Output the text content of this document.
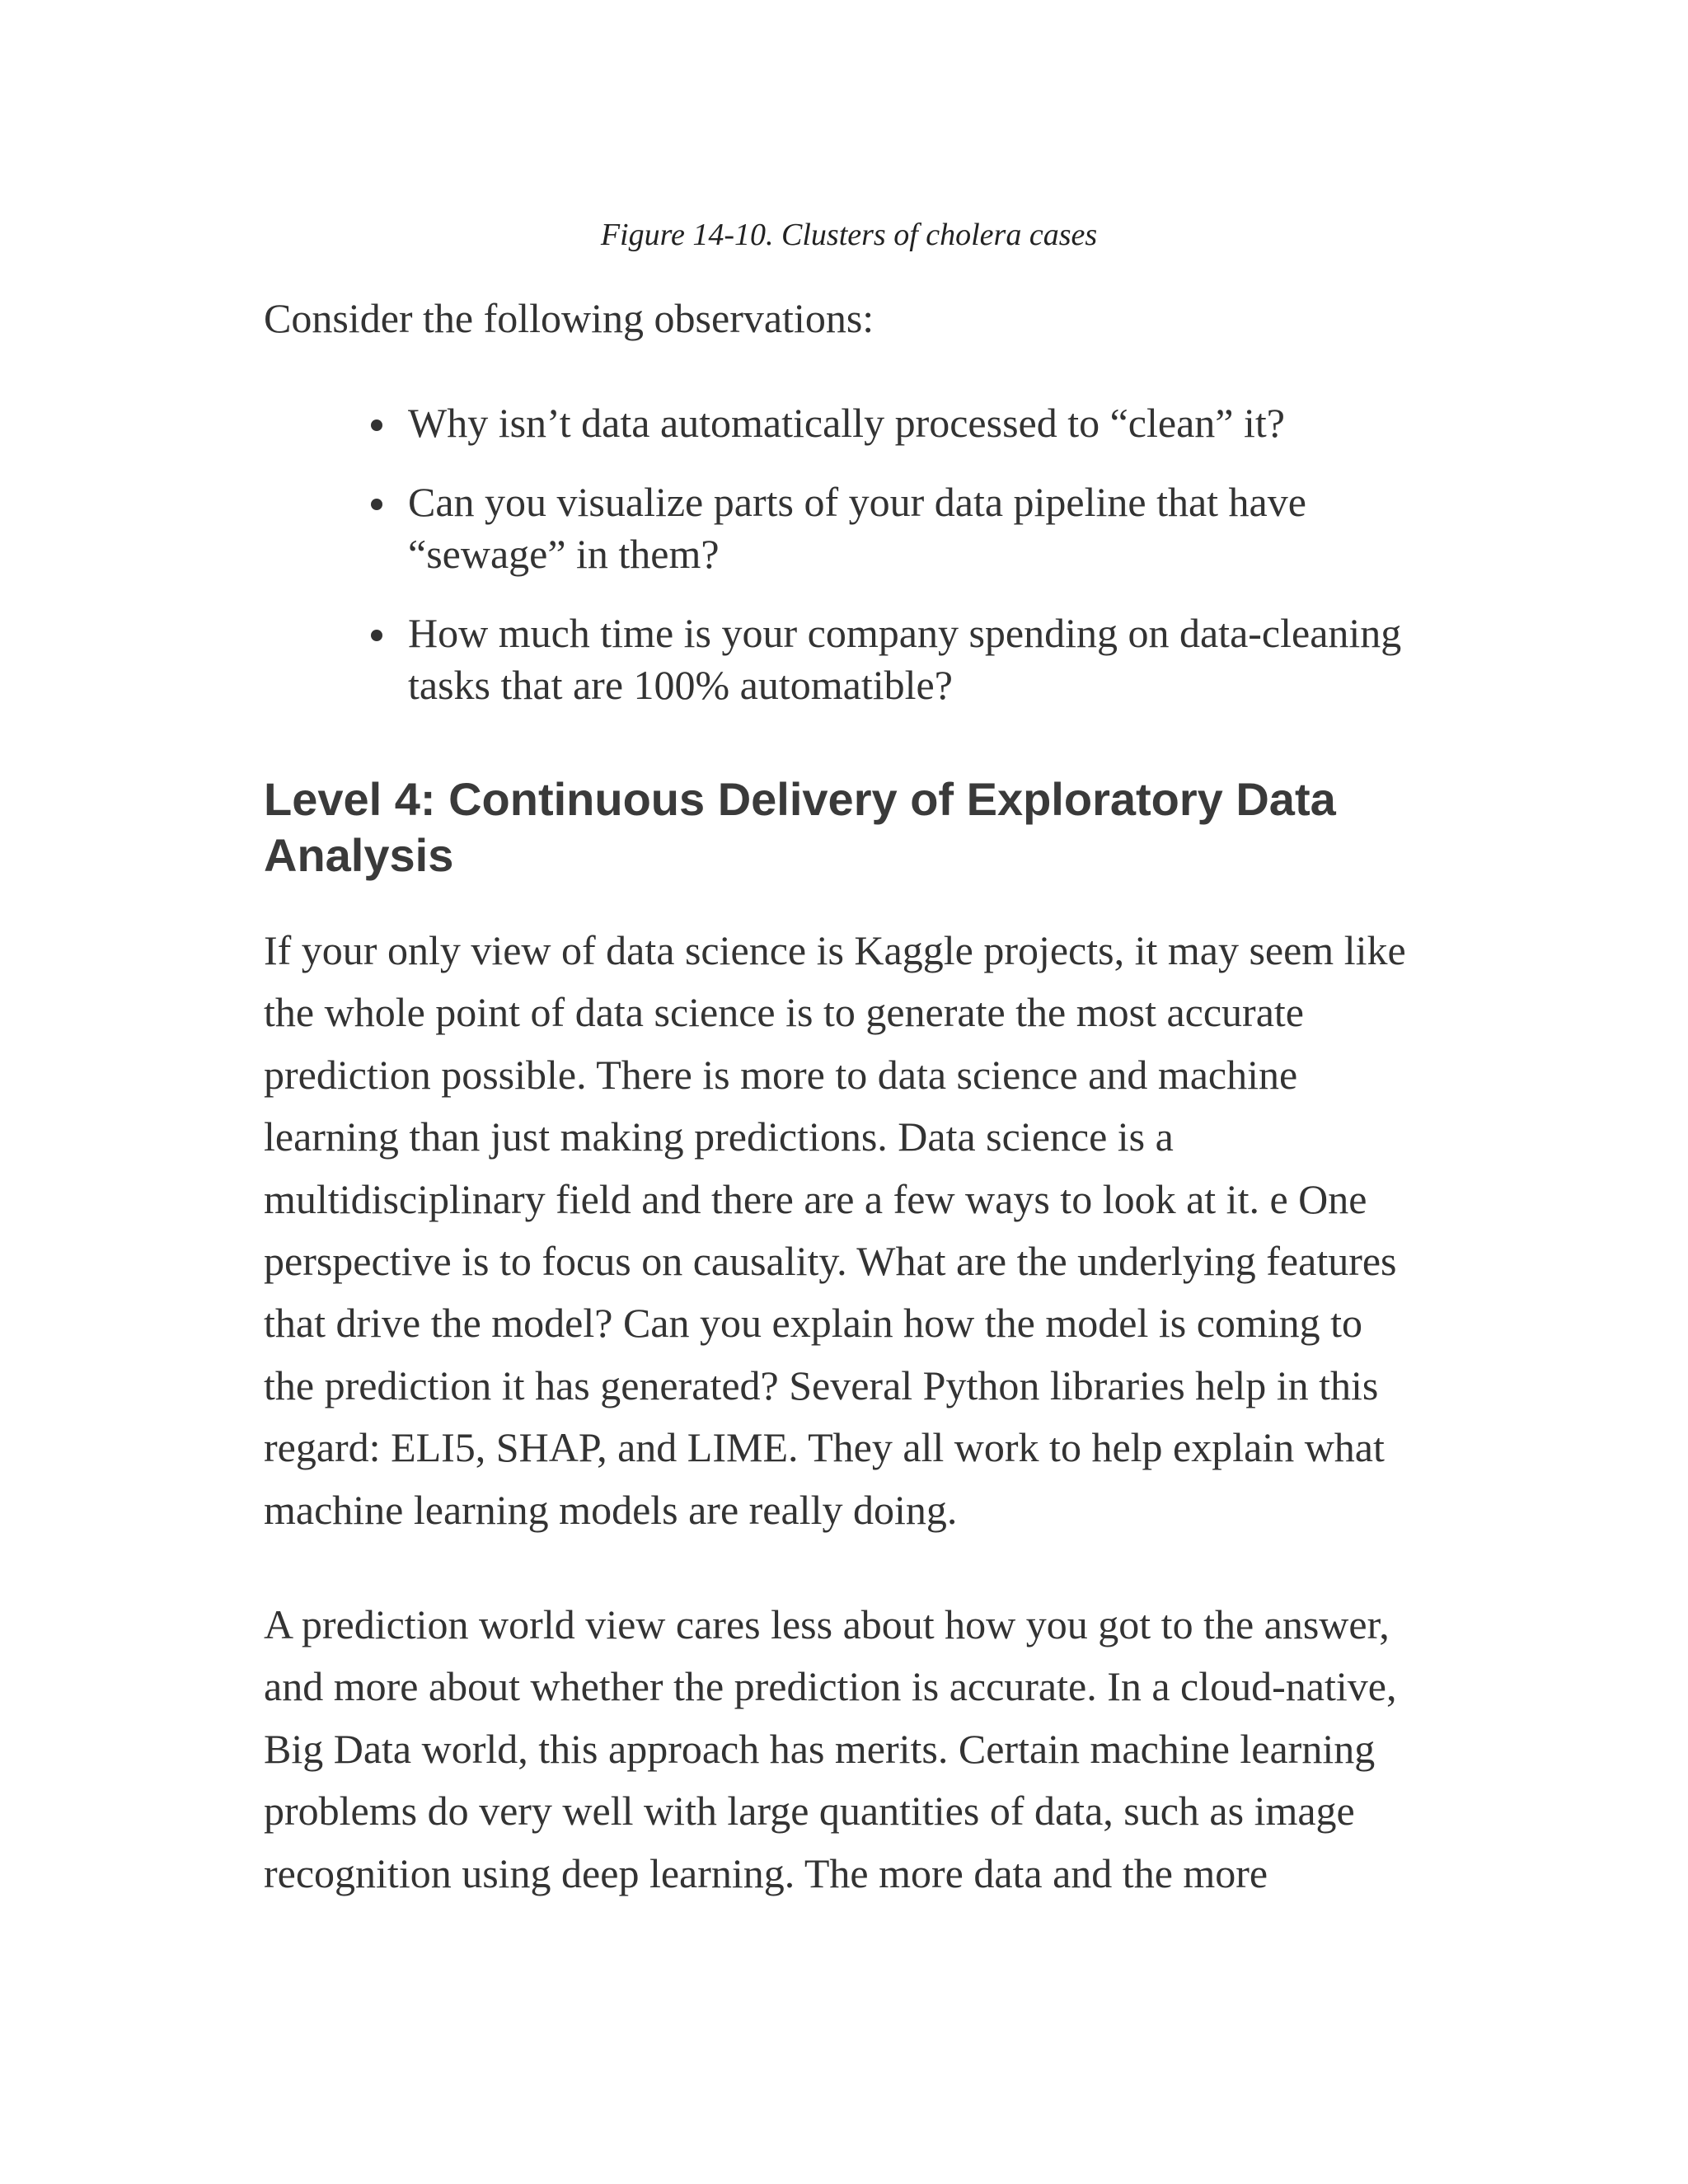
Figure 14-10. Clusters of cholera cases
Consider the following observations:
Why isn’t data automatically processed to “clean” it?
Can you visualize parts of your data pipeline that have “sewage” in them?
How much time is your company spending on data-cleaning tasks that are 100% automatible?
Level 4: Continuous Delivery of Exploratory Data Analysis

If your only view of data science is Kaggle projects, it may seem like the whole point of data science is to generate the most accurate prediction possible. There is more to data science and machine learning than just making predictions. Data science is a multidisciplinary field and there are a few ways to look at it. e One perspective is to focus on causality. What are the underlying features that drive the model? Can you explain how the model is coming to the prediction it has generated? Several Python libraries help in this regard: ELI5, SHAP, and LIME. They all work to help explain what machine learning models are really doing.

A prediction world view cares less about how you got to the answer, and more about whether the prediction is accurate. In a cloud-native, Big Data world, this approach has merits. Certain machine learning problems do very well with large quantities of data, such as image recognition using deep learning. The more data and the more
